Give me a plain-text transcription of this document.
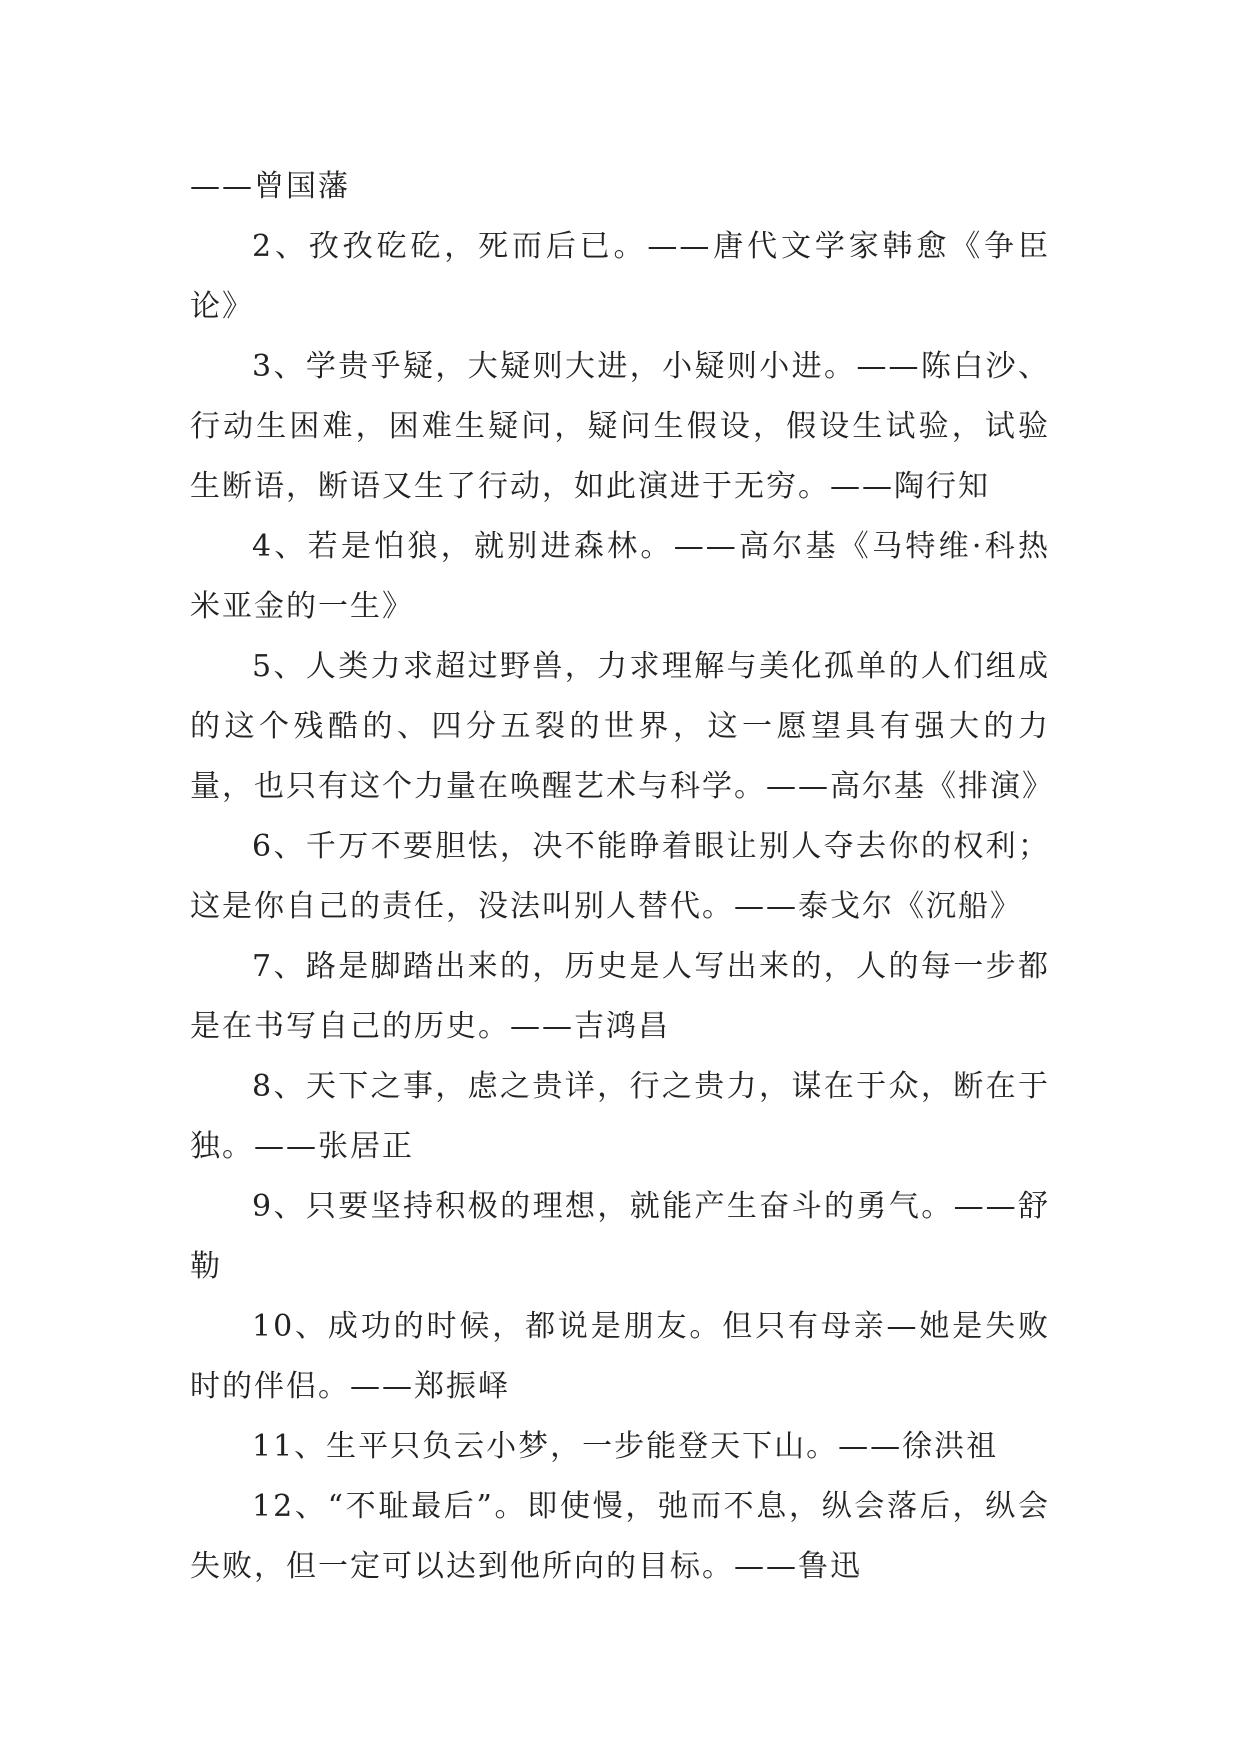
——曾国藩

2、孜孜矻矻，死而后已。——唐代文学家韩愈《争臣论》

3、学贵乎疑，大疑则大进，小疑则小进。——陈白沙、行动生困难，困难生疑问，疑问生假设，假设生试验，试验生断语，断语又生了行动，如此演进于无穷。——陶行知

4、若是怕狼，就别进森林。——高尔基《马特维·科热米亚金的一生》

5、人类力求超过野兽，力求理解与美化孤单的人们组成的这个残酷的、四分五裂的世界，这一愿望具有强大的力量，也只有这个力量在唤醒艺术与科学。——高尔基《排演》

6、千万不要胆怯，决不能睁着眼让别人夺去你的权利；这是你自己的责任，没法叫别人替代。——泰戈尔《沉船》

7、路是脚踏出来的，历史是人写出来的，人的每一步都是在书写自己的历史。——吉鸿昌

8、天下之事，虑之贵详，行之贵力，谋在于众，断在于独。——张居正

9、只要坚持积极的理想，就能产生奋斗的勇气。——舒勒

10、成功的时候，都说是朋友。但只有母亲—她是失败时的伴侣。——郑振峄

11、生平只负云小梦，一步能登天下山。——徐洪祖

12、“不耻最后”。即使慢，弛而不息，纵会落后，纵会失败，但一定可以达到他所向的目标。——鲁迅
